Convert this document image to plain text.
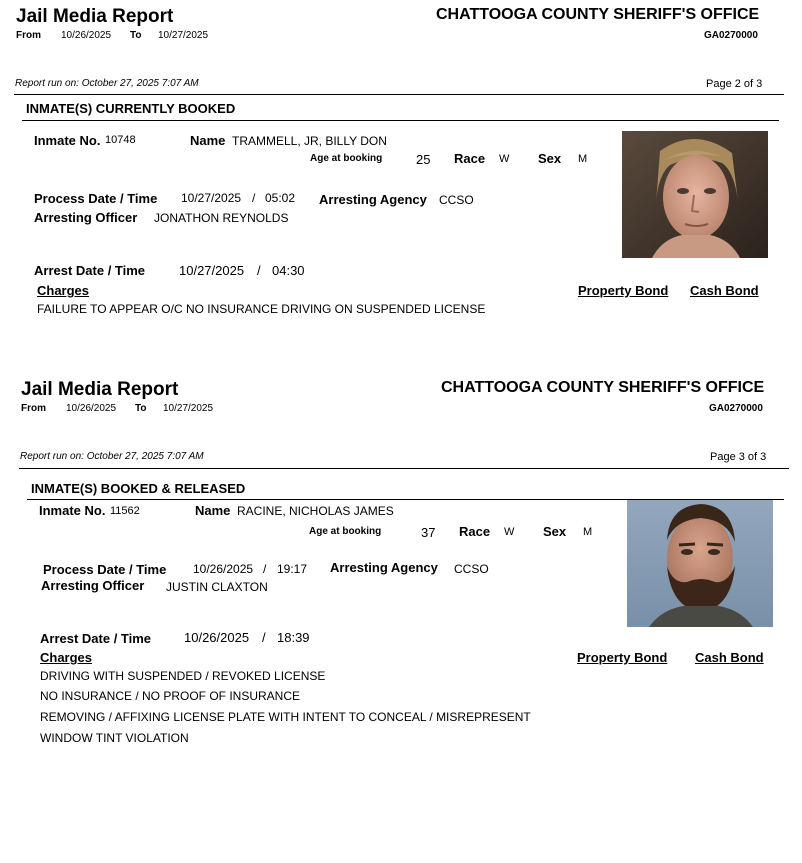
Jail Media Report	CHATTOOGA COUNTY SHERIFF'S OFFICE
From 10/26/2025 To 10/27/2025	GA0270000
Report run on: October 27, 2025 7:07 AM	Page 2 of 3
INMATE(S) CURRENTLY BOOKED
Inmate No. 10748	Name TRAMMELL, JR, BILLY DON
Age at booking	25 Race W Sex M
Process Date / Time 10/27/2025 / 05:02 Arresting Agency CCSO
Arresting Officer JONATHON REYNOLDS
Arrest Date / Time	10/27/2025 / 04:30
Charges	Property Bond Cash Bond
FAILURE TO APPEAR O/C NO INSURANCE DRIVING ON SUSPENDED LICENSE
Jail Media Report	CHATTOOGA COUNTY SHERIFF'S OFFICE
From 10/26/2025 To 10/27/2025	GA0270000
Report run on: October 27, 2025 7:07 AM	Page 3 of 3
INMATE(S) BOOKED & RELEASED
Inmate No. 11562	Name RACINE, NICHOLAS JAMES
Age at booking	37 Race W Sex M
Process Date / Time 10/26/2025 / 19:17 Arresting Agency CCSO
Arresting Officer JUSTIN CLAXTON
Arrest Date / Time	10/26/2025 / 18:39
Charges	Property Bond Cash Bond
DRIVING WITH SUSPENDED / REVOKED LICENSE
NO INSURANCE / NO PROOF OF INSURANCE
REMOVING / AFFIXING LICENSE PLATE WITH INTENT TO CONCEAL / MISREPRESENT
WINDOW TINT VIOLATION
